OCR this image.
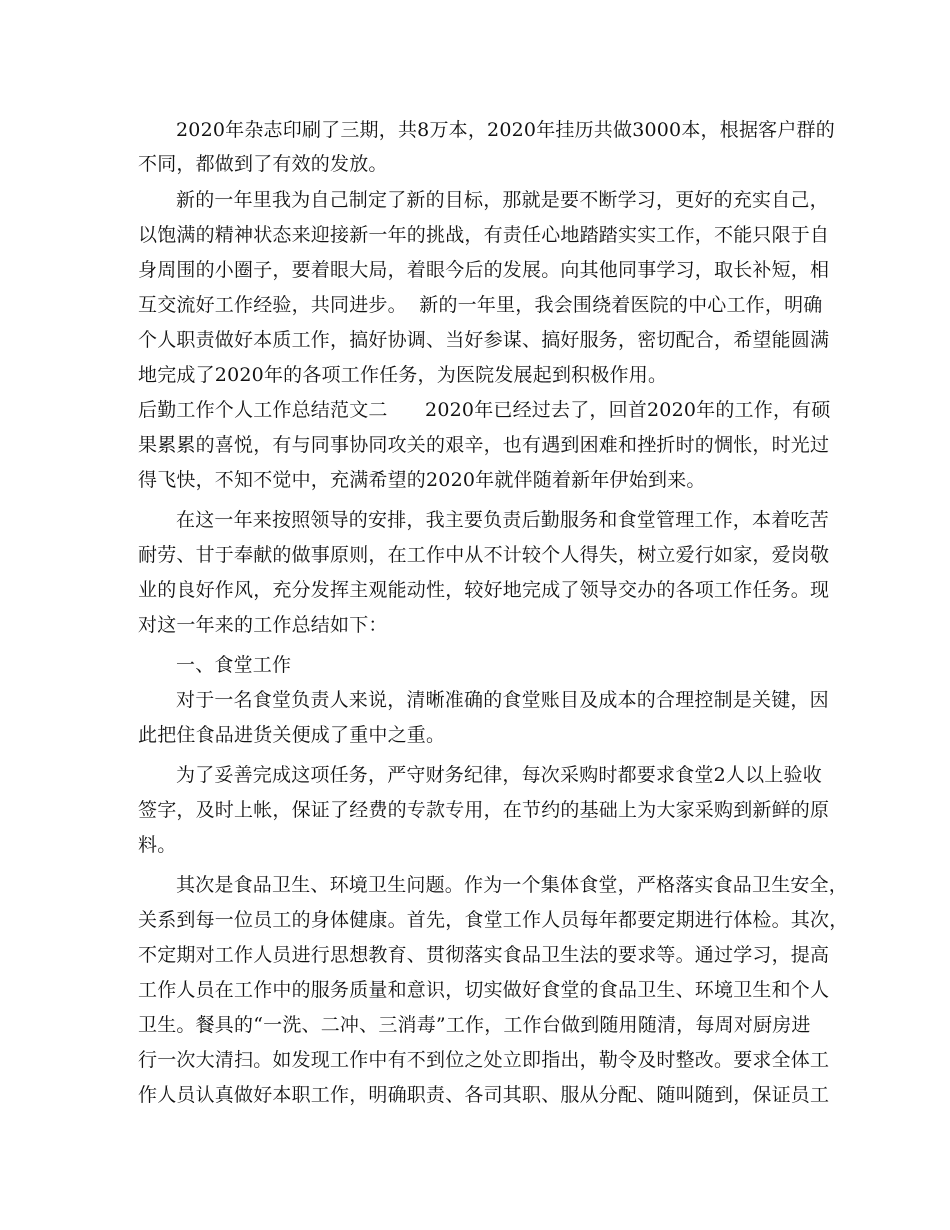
2020年杂志印刷了三期，共8万本，2020年挂历共做3000本，根据客户群的

不同，都做到了有效的发放。

新的一年里我为自己制定了新的目标，那就是要不断学习，更好的充实自己，

以饱满的精神状态来迎接新一年的挑战，有责任心地踏踏实实工作，不能只限于自

身周围的小圈子，要着眼大局，着眼今后的发展。向其他同事学习，取长补短，相

互交流好工作经验，共同进步。  新的一年里，我会围绕着医院的中心工作，明确

个人职责做好本质工作，搞好协调、当好参谋、搞好服务，密切配合，希望能圆满

地完成了2020年的各项工作任务，为医院发展起到积极作用。

后勤工作个人工作总结范文二      2020年已经过去了，回首2020年的工作，有硕

果累累的喜悦，有与同事协同攻关的艰辛，也有遇到困难和挫折时的惆怅，时光过

得飞快，不知不觉中，充满希望的2020年就伴随着新年伊始到来。

在这一年来按照领导的安排，我主要负责后勤服务和食堂管理工作，本着吃苦

耐劳、甘于奉献的做事原则，在工作中从不计较个人得失，树立爱行如家，爱岗敬

业的良好作风，充分发挥主观能动性，较好地完成了领导交办的各项工作任务。现

对这一年来的工作总结如下：

一、食堂工作

对于一名食堂负责人来说，清晰准确的食堂账目及成本的合理控制是关键，因

此把住食品进货关便成了重中之重。

为了妥善完成这项任务，严守财务纪律，每次采购时都要求食堂2人以上验收

签字，及时上帐，保证了经费的专款专用，在节约的基础上为大家采购到新鲜的原

料。

其次是食品卫生、环境卫生问题。作为一个集体食堂，严格落实食品卫生安全，

关系到每一位员工的身体健康。首先，食堂工作人员每年都要定期进行体检。其次，

不定期对工作人员进行思想教育、贯彻落实食品卫生法的要求等。通过学习，提高

工作人员在工作中的服务质量和意识，切实做好食堂的食品卫生、环境卫生和个人

卫生。餐具的“一洗、二冲、三消毒”工作，工作台做到随用随清，每周对厨房进

行一次大清扫。如发现工作中有不到位之处立即指出，勒令及时整改。要求全体工

作人员认真做好本职工作，明确职责、各司其职、服从分配、随叫随到，保证员工
